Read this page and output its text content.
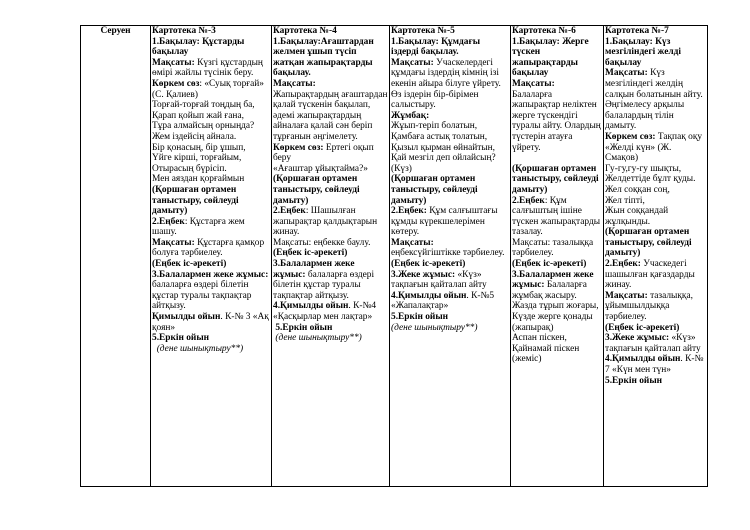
Серуен	Картотека №-3
1.Бақылау: Құстарды бақылау
Мақсаты: Күзгі құстардың өмірі жайлы түсінік беру.
Көркем сөз: «Суық торғай»    (С. Қалиев)
Торғай-торғай тоңдың ба,
Қарап қойып жай ғана,
Тұра алмайсың орныңда?
Жем іздейсің айнала.
Бір қонасың, бір ұшып,
Үйге кірші, торғайым,
Отырасың бүрісіп.
Мен аяздан қорғаймын
(Қоршаған ортамен таныстыру, сөйлеуді дамыту)
2.Еңбек: Құстарға жем шашу.
Мақсаты: Құстарға қамқор болуға тәрбиелеу.
(Еңбек іс-әрекеті)
3.Балалармен жеке жұмыс: балаларға өздері білетін құстар туралы тақпақтар айтқызу.
Қимылды ойын. К-№ 3 «Ақ қоян»
5.Еркін ойын
(дене шынықтыру**)

Картотека №-4
1.Бақылау:Ағаштардан желмен ұшып түсіп жатқан жапырақтарды бақылау.
Мақсаты:
Жапырақтардың ағаштардан қалай түскенін бақылап, әдемі жапырақтардың айналаға қалай сән беріп тұрғанын әңгімелету.
Көркем сөз: Ертегі оқып беру
«Ағаштар ұйықтайма?»
(Қоршаған ортамен таныстыру, сөйлеуді дамыту)
2.Еңбек: Шашылған жапырақтар қалдықтарын жинау.
Мақсаты: еңбекке баулу.
(Еңбек іс-әрекеті)
3.Балалармен жеке жұмыс: балаларға өздері білетін құстар туралы тақпақтар айтқызу.
4.Қимылды ойын. К-№4 «Қасқырлар мен лақтар»
5.Еркін ойын
(дене шынықтыру**)

Картотека №-5
1.Бақылау: Құмдағы іздерді бақылау.
Мақсаты: Учаскелердегі құмдағы іздердің кімнің ізі екенін айыра білуге үйрету. Өз іздерін бір-бірімен салыстыру.
Жұмбақ:
Жұып-теріп болатын,
Қамбаға астық толатын,
Қызыл қырман өйнайтын,
Қай мезгіл деп ойлайсың?
(Күз)
(Қоршаған ортамен таныстыру, сөйлеуді дамыту)
2.Еңбек: Құм салғыштағы құмды күрекшелерімен көтеру.
Мақсаты:
еңбексүйгіштікке тәрбиелеу.
(Еңбек іс-әрекеті)
3.Жеке жұмыс: «Күз» тақпағын қайталап айту
4.Қимылды ойын. К-№5 «Жапалақтар»
5.Еркін ойын
(дене шынықтыру**)

Картотека №-6
1.Бақылау: Жерге түскен жапырақтарды бақылау
Мақсаты:
Балаларға жапырақтар неліктен жерге түскендігі туралы айту. Олардың түстерін атауға үйрету.

(Қоршаған ортамен таныстыру, сөйлеуді дамыту)
2.Еңбек: Құм салғыштың ішіне түскен жапырақтарды тазалау.
Мақсаты: тазалыққа тәрбиелеу.
(Еңбек іс-әрекеті)
3.Балалармен жеке жұмыс: Балаларға жұмбақ жасыру.
Жазда тұрып жоғары,
Күзде жерге қонады (жапырақ)
Аспан піскен, Қайнамай піскен (жеміс)

Картотека №-7
1.Бақылау: Күз мезгіліндегі желді бақылау
Мақсаты: Күз мезгіліндегі желдің салқын болатынын айту. Әңгімелесу арқылы балалардың тілін дамыту.
Көркем сөз: Тақпақ оқу «Желді күн» (Ж. Смақов)
Гу-гу,гу-гу шықты,
Желдеттіде бұлт қуды.
Жел соққан соң,
Жел тіпті,
Жын соққандай жұлқынды.
(Қоршаған ортамен таныстыру, сөйлеуді дамыту)
2.Еңбек: Учаскедегі шашылған қағаздарды жинау.
Мақсаты: тазалыққа, ұйымшылдыққа тәрбиелеу.
(Еңбек іс-әрекеті)
3.Жеке жұмыс: «Күз» тақпағын қайталап айту
4.Қимылды ойын. К-№ 7 «Күн мен түн»
5.Еркін ойын
